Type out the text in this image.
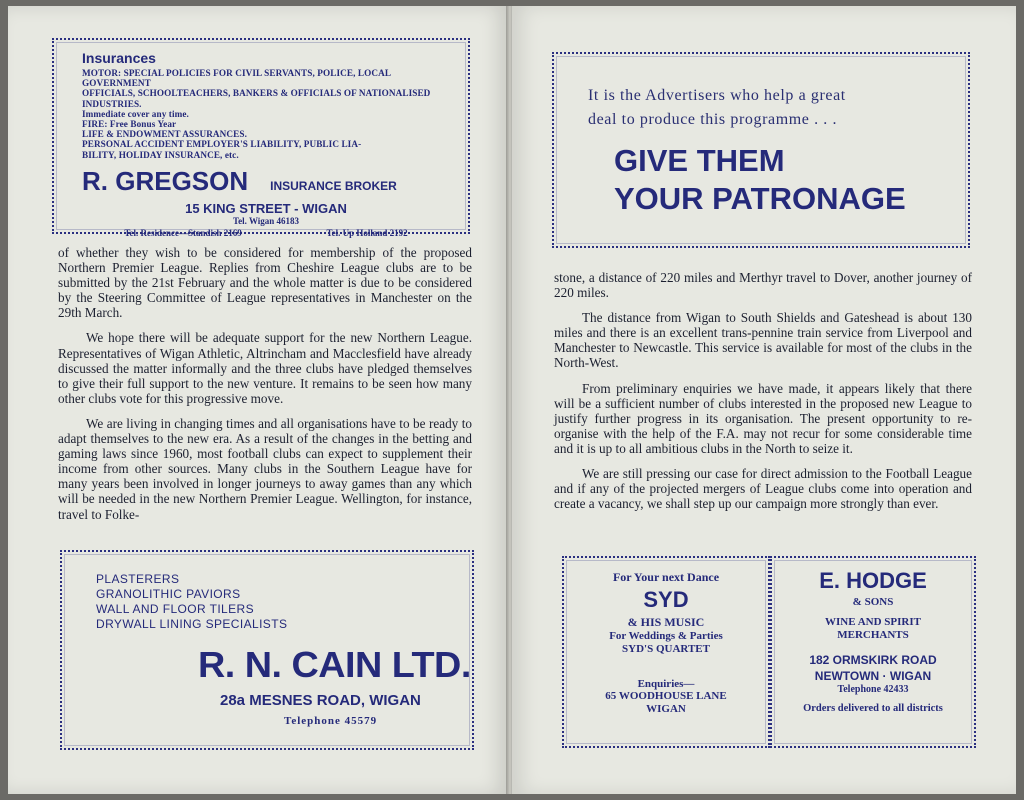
Insurances
MOTOR: SPECIAL POLICIES FOR CIVIL SERVANTS, POLICE, LOCAL GOVERNMENT
OFFICIALS, SCHOOLTEACHERS, BANKERS & OFFICIALS OF NATIONALISED INDUSTRIES.
Immediate cover any time.
FIRE: Free Bonus Year
LIFE & ENDOWMENT ASSURANCES.
PERSONAL ACCIDENT EMPLOYER'S LIABILITY, PUBLIC LIA-
BILITY, HOLIDAY INSURANCE, etc.
R. GREGSON INSURANCE BROKER
15 KING STREET - WIGAN
Tel. Wigan 46183
Tel. Residence—Standish 2169	Tel. Up Holland 2192

of whether they wish to be considered for membership of the proposed Northern Premier League. Replies from Cheshire League clubs are to be submitted by the 21st February and the whole matter is due to be considered by the Steering Committee of League representatives in Manchester on the 29th March.

We hope there will be adequate support for the new Northern League. Representatives of Wigan Athletic, Altrincham and Macclesfield have already discussed the matter informally and the three clubs have pledged themselves to give their full support to the new venture. It remains to be seen how many other clubs vote for this progressive move.

We are living in changing times and all organisations have to be ready to adapt themselves to the new era. As a result of the changes in the betting and gaming laws since 1960, most football clubs can expect to supplement their income from other sources. Many clubs in the Southern League have for many years been involved in longer journeys to away games than any which will be needed in the new Northern Premier League. Wellington, for instance, travel to Folke-

PLASTERERS
GRANOLITHIC PAVIORS
WALL AND FLOOR TILERS
DRYWALL LINING SPECIALISTS
R. N. CAIN LTD.
28a MESNES ROAD, WIGAN
Telephone 45579
It is the Advertisers who help a great
deal to produce this programme . . .
GIVE THEM
YOUR PATRONAGE

stone, a distance of 220 miles and Merthyr travel to Dover, another journey of 220 miles.

The distance from Wigan to South Shields and Gateshead is about 130 miles and there is an excellent trans-pennine train service from Liverpool and Manchester to Newcastle. This service is available for most of the clubs in the North-West.

From preliminary enquiries we have made, it appears likely that there will be a sufficient number of clubs interested in the proposed new League to justify further progress in its organisation. The present opportunity to re-organise with the help of the F.A. may not recur for some considerable time and it is up to all ambitious clubs in the North to seize it.

We are still pressing our case for direct admission to the Football League and if any of the projected mergers of League clubs come into operation and create a vacancy, we shall step up our campaign more strongly than ever.

For Your next Dance
SYD
& HIS MUSIC
For Weddings & Parties
SYD'S QUARTET
Enquiries—
65 WOODHOUSE LANE
WIGAN
E. HODGE
& SONS
WINE AND SPIRIT
MERCHANTS
182 ORMSKIRK ROAD
NEWTOWN · WIGAN
Telephone 42433
Orders delivered to all districts
